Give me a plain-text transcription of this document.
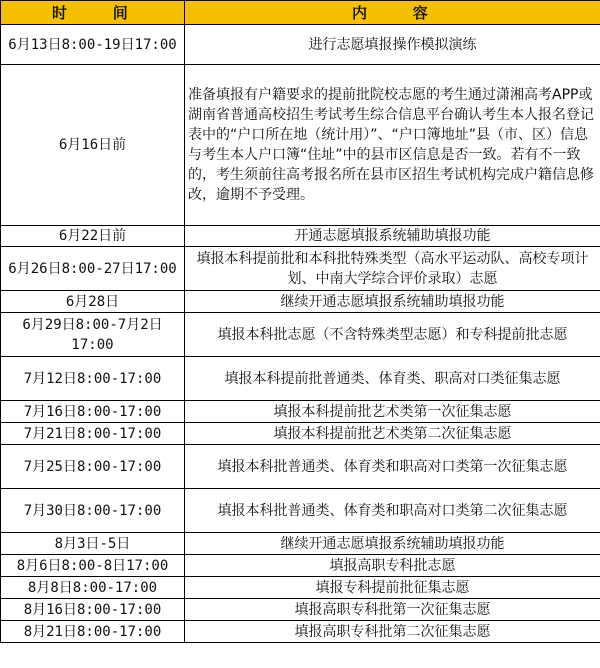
时　　间	内　　容
6月13日8:00-19日17:00	进行志愿填报操作模拟演练
6月16日前	准备填报有户籍要求的提前批院校志愿的考生通过潇湘高考APP或湖南省普通高校招生考试考生综合信息平台确认考生本人报名登记表中的“户口所在地（统计用）”、“户口簿地址”县（市、区）信息与考生本人户口簿“住址”中的县市区信息是否一致。若有不一致的，考生须前往高考报名所在县市区招生考试机构完成户籍信息修改，逾期不予受理。
6月22日前	开通志愿填报系统辅助填报功能
6月26日8:00-27日17:00	填报本科提前批和本科批特殊类型（高水平运动队、高校专项计划、中南大学综合评价录取）志愿
6月28日	继续开通志愿填报系统辅助填报功能
6月29日8:00-7月2日17:00	填报本科批志愿（不含特殊类型志愿）和专科提前批志愿
7月12日8:00-17:00	填报本科提前批普通类、体育类、职高对口类征集志愿
7月16日8:00-17:00	填报本科提前批艺术类第一次征集志愿
7月21日8:00-17:00	填报本科提前批艺术类第二次征集志愿
7月25日8:00-17:00	填报本科批普通类、体育类和职高对口类第一次征集志愿
7月30日8:00-17:00	填报本科批普通类、体育类和职高对口类第二次征集志愿
8月3日-5日	继续开通志愿填报系统辅助填报功能
8月6日8:00-8日17:00	填报高职专科批志愿
8月8日8:00-17:00	填报专科提前批征集志愿
8月16日8:00-17:00	填报高职专科批第一次征集志愿
8月21日8:00-17:00	填报高职专科批第二次征集志愿
